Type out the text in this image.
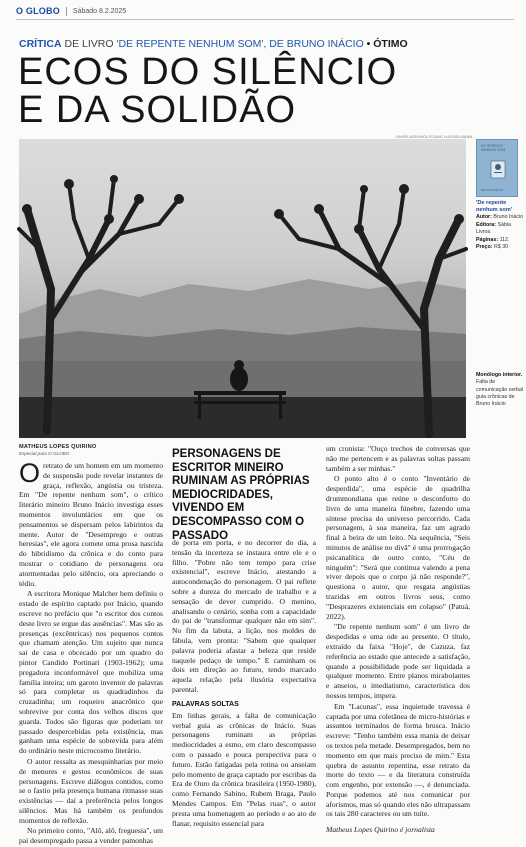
O GLOBO Sábado 8.2.2025
CRÍTICA DE LIVRO 'DE REPENTE NENHUM SOM', DE BRUNO INÁCIO • ÓTIMO
ECOS DO SILÊNCIO
E DA SOLIDÃO
UNSPLASH/WOLFGANG HASSELMANN
DE REPENTE NENHUM SOM
BRUNO INÁCIO
'De repente nenhum som'
Autor: Bruno Inácio
Editora: Sábia Livros.
Páginas: 112.
Preço: R$ 30
Monólogo interior. Falta de comunicação verbal guia crônicas de Bruno Inácio
MATHEUS LOPES QUIRINO
Especial para O GLOBO

O retrato de um homem em um momento de suspensão pode revelar instantes de graça, reflexão, angústia ou tristeza. Em "De repente nenhum som", o crítico literário mineiro Bruno Inácio investiga esses momentos involuntários em que os pensamentos se dispersam pelos labirintos da mente. Autor de "Desemprego e outras heresias", ele agora comete uma prosa nascida do hibridismo da crônica e do conto para mostrar o cotidiano de personagens ora atormentadas pelo silêncio, ora apreciando o tédio.

A escritora Monique Malcher bem definiu o estado de espírito captado por Inácio, quando escreve no prefácio que "o escritor dos contos deste livro se ergue das ausências". Mas são as presenças (excêntricas) nos pequenos contos que chamam atenção. Um sujeito que nunca sai de casa e obcecado por um quadro do pintor Candido Portinari (1903-1962); uma pregadora inconformável que mobiliza uma família inteira; um garoto inventor de palavras só para completar os quadradinhos da cruzadinha; um roqueiro anacrônico que sobrevive por conta dos velhos discos que guarda. Todos são figuras que poderiam ter passado despercebidas pela existência, mas ganham uma espécie de sobrevida para além do ordinário neste microcosmo literário.

O autor ressalta as mesquinharias por meio de menores e gestos econômicos de suas personagens. Escreve diálogos contidos, como se o fastio pela presença humana ritmasse suas existências — daí a preferência pelos longos silêncios. Mas há também os profundos momentos de reflexão.

No primeiro conto, "Alô, alô, freguesia", um pai desempregado passa a vender pamonhas

PERSONAGENS DE ESCRITOR MINEIRO RUMINAM AS PRÓPRIAS MEDIOCRIDADES, VIVENDO EM DESCOMPASSO COM O PASSADO

de porta em porta, e no decorrer do dia, a tensão da incerteza se instaura entre ele e o filho. "Pobre não tem tempo para crise existencial", escreve Inácio, atestando a autocondenação do personagem. O pai reflete sobre a dureza do mercado de trabalho e a sensação de dever cumprido. O menino, analisando o cenário, sonha com a capacidade do pai de "transformar qualquer não em sim". No fim da labuta, a lição, nos moldes de fábula, vem pronta: "Sabem que qualquer palavra poderia afastar a beleza que reside naquele pedaço de tempo." E caminham os dois em direção ao futuro, tendo marcado aquela relação pela ilusória expectativa parental.

PALAVRAS SOLTAS

Em linhas gerais, a falta de comunicação verbal guia as crônicas de Inácio. Suas personagens ruminam as próprias mediocridades a esmo, em claro descompasso com o passado e pouca perspectiva para o futuro. Estão fatigadas pela rotina ou anseiam pelo momento de graça captado por escribas da Era de Ouro da crônica brasileira (1950-1980), como Fernando Sabino, Rubem Braga, Paulo Mendes Campos. Em "Pelas ruas", o autor presta uma homenagem ao período e ao ato de flanar, requisito essencial para

um cronista: "Ouço trechos de conversas que não me pertencem e as palavras soltas passam também a ser minhas."

O ponto alto é o conto "Inventário de desperdida", uma espécie de quadrilha drummondiana que reúne o desconforto do livro de uma maneira fúnebre, fazendo uma síntese precisa do universo percorrido. Cada personagem, à sua maneira, faz um agrado final à beira de um leito. Na sequência, "Seis minutos de análise no divã" é uma prorrogação psicanalítica de outro conto, "Céu de ninguém": "Será que continua valendo a pena viver depois que o corpo já não responde?", questiona o autor, que resgata angústias trazidas em outros livros seus, como "Desprazeres existenciais em colapso" (Patuá, 2022).

"De repente nenhum som" é um livro de despedidas e uma ode ao presente. O título, extraído da faixa "Hoje", de Cazuza, faz referência ao estado que antecede a satisfação, quando a possibilidade pode ser liquidada a qualquer momento. Entre planos mirabolantes e anseios, o imediatismo, característica dos nossos tempos, impera.

Em "Lacunas", essa inquietude travessa é captada por uma coletânea de micro-histórias e assuntos terminados de forma brusca. Inácio escreve: "Tenho também essa mania de deixar os textos pela metade. Desempregados, bem no momento em que mais preciso de mim." Esta quebra de assunto repentina, esse retrato da morte do texto — e da literatura construída com engenho, por extensão —, é denunciada. Porque podemos até nos comunicar por aforismos, mas só quando eles não ultrapassam os tais 280 caracteres ou um tuíte.

Matheus Lopes Quirino é jornalista
